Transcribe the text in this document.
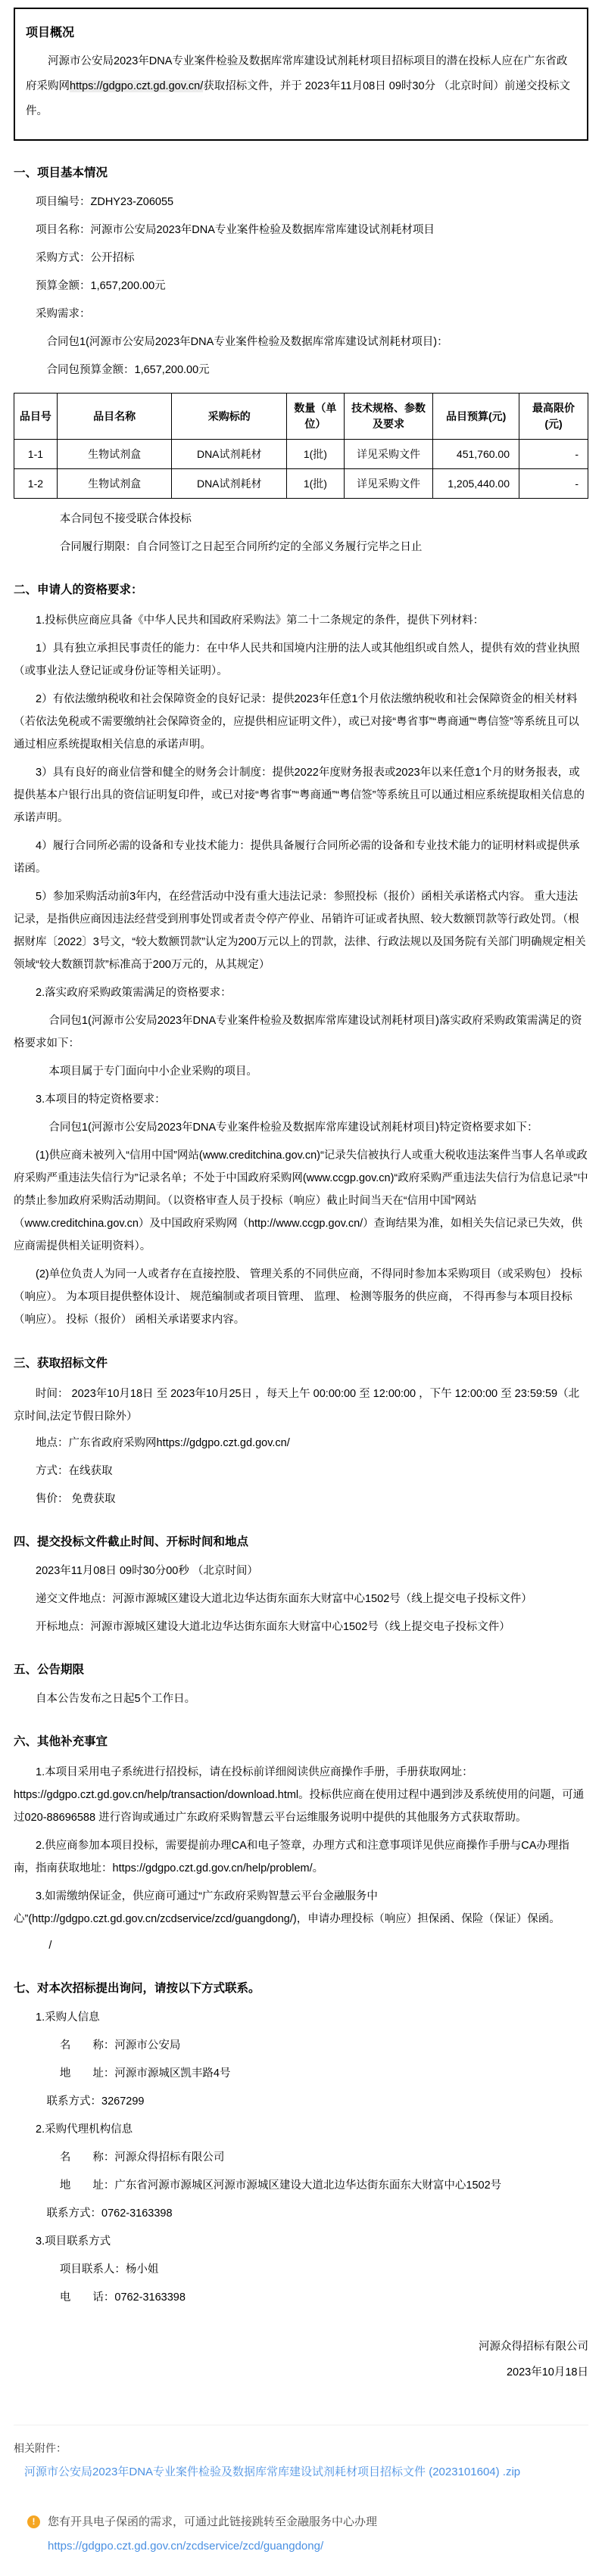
项目概况

河源市公安局2023年DNA专业案件检验及数据库常库建设试剂耗材项目招标项目的潜在投标人应在广东省政府采购网https://gdgpo.czt.gd.gov.cn/获取招标文件，并于 2023年11月08日 09时30分 （北京时间）前递交投标文件。

一、项目基本情况

项目编号：ZDHY23-Z06055

项目名称：河源市公安局2023年DNA专业案件检验及数据库常库建设试剂耗材项目

采购方式：公开招标

预算金额：1,657,200.00元

采购需求：

合同包1(河源市公安局2023年DNA专业案件检验及数据库常库建设试剂耗材项目)：

合同包预算金额：1,657,200.00元

品目号	品目名称	采购标的	数量（单位）	技术规格、参数及要求	品目预算(元)	最高限价(元)
1-1	生物试剂盒	DNA试剂耗材	1(批)	详见采购文件	451,760.00	-
1-2	生物试剂盒	DNA试剂耗材	1(批)	详见采购文件	1,205,440.00	-

本合同包不接受联合体投标

合同履行期限：自合同签订之日起至合同所约定的全部义务履行完毕之日止

二、申请人的资格要求：

1.投标供应商应具备《中华人民共和国政府采购法》第二十二条规定的条件，提供下列材料：

1）具有独立承担民事责任的能力：在中华人民共和国境内注册的法人或其他组织或自然人，提供有效的营业执照（或事业法人登记证或身份证等相关证明）。

2）有依法缴纳税收和社会保障资金的良好记录：提供2023年任意1个月依法缴纳税收和社会保障资金的相关材料（若依法免税或不需要缴纳社会保障资金的，应提供相应证明文件），或已对接“粤省事”“粤商通”“粤信签”等系统且可以通过相应系统提取相关信息的承诺声明。

3）具有良好的商业信誉和健全的财务会计制度：提供2022年度财务报表或2023年以来任意1个月的财务报表，或提供基本户银行出具的资信证明复印件，或已对接“粤省事”“粤商通”“粤信签”等系统且可以通过相应系统提取相关信息的承诺声明。

4）履行合同所必需的设备和专业技术能力：提供具备履行合同所必需的设备和专业技术能力的证明材料或提供承诺函。

5）参加采购活动前3年内，在经营活动中没有重大违法记录：参照投标（报价）函相关承诺格式内容。 重大违法记录，是指供应商因违法经营受到刑事处罚或者责令停产停业、吊销许可证或者执照、较大数额罚款等行政处罚。（根据财库〔2022〕3号文，“较大数额罚款”认定为200万元以上的罚款，法律、行政法规以及国务院有关部门明确规定相关领域“较大数额罚款”标准高于200万元的，从其规定）

2.落实政府采购政策需满足的资格要求：

合同包1(河源市公安局2023年DNA专业案件检验及数据库常库建设试剂耗材项目)落实政府采购政策需满足的资格要求如下：

本项目属于专门面向中小企业采购的项目。

3.本项目的特定资格要求：

合同包1(河源市公安局2023年DNA专业案件检验及数据库常库建设试剂耗材项目)特定资格要求如下：

(1)供应商未被列入“信用中国”网站(www.creditchina.gov.cn)“记录失信被执行人或重大税收违法案件当事人名单或政府采购严重违法失信行为”记录名单；不处于中国政府采购网(www.ccgp.gov.cn)“政府采购严重违法失信行为信息记录”中的禁止参加政府采购活动期间。（以资格审查人员于投标（响应）截止时间当天在“信用中国”网站（www.creditchina.gov.cn）及中国政府采购网（http://www.ccgp.gov.cn/）查询结果为准，如相关失信记录已失效，供应商需提供相关证明资料）。

(2)单位负责人为同一人或者存在直接控股、 管理关系的不同供应商，不得同时参加本采购项目（或采购包） 投标（响应）。 为本项目提供整体设计、 规范编制或者项目管理、 监理、 检测等服务的供应商， 不得再参与本项目投标（响应）。 投标（报价） 函相关承诺要求内容。

三、获取招标文件

时间： 2023年10月18日 至 2023年10月25日 ，每天上午 00:00:00 至 12:00:00 ，下午 12:00:00 至 23:59:59（北京时间,法定节假日除外）

地点：广东省政府采购网https://gdgpo.czt.gd.gov.cn/

方式：在线获取

售价： 免费获取

四、提交投标文件截止时间、开标时间和地点

2023年11月08日 09时30分00秒 （北京时间）

递交文件地点：河源市源城区建设大道北边华达街东面东大财富中心1502号（线上提交电子投标文件）

开标地点：河源市源城区建设大道北边华达街东面东大财富中心1502号（线上提交电子投标文件）

五、公告期限

自本公告发布之日起5个工作日。

六、其他补充事宜

1.本项目采用电子系统进行招投标，请在投标前详细阅读供应商操作手册，手册获取网址：https://gdgpo.czt.gd.gov.cn/help/transaction/download.html。投标供应商在使用过程中遇到涉及系统使用的问题，可通过020-88696588 进行咨询或通过广东政府采购智慧云平台运维服务说明中提供的其他服务方式获取帮助。

2.供应商参加本项目投标，需要提前办理CA和电子签章，办理方式和注意事项详见供应商操作手册与CA办理指南，指南获取地址：https://gdgpo.czt.gd.gov.cn/help/problem/。

3.如需缴纳保证金，供应商可通过“广东政府采购智慧云平台金融服务中心”(http://gdgpo.czt.gd.gov.cn/zcdservice/zcd/guangdong/)，申请办理投标（响应）担保函、保险（保证）保函。

/

七、对本次招标提出询问，请按以下方式联系。

1.采购人信息

名　　称：河源市公安局

地　　址：河源市源城区凯丰路4号

联系方式：3267299

2.采购代理机构信息

名　　称：河源众得招标有限公司

地　　址：广东省河源市源城区河源市源城区建设大道北边华达街东面东大财富中心1502号

联系方式：0762-3163398

3.项目联系方式

项目联系人：杨小姐

电　　话：0762-3163398

河源众得招标有限公司
2023年10月18日

相关附件：

河源市公安局2023年DNA专业案件检验及数据库常库建设试剂耗材项目招标文件 (2023101604) .zip
!	您有开具电子保函的需求，可通过此链接跳转至金融服务中心办理

https://gdgpo.czt.gd.gov.cn/zcdservice/zcd/guangdong/
